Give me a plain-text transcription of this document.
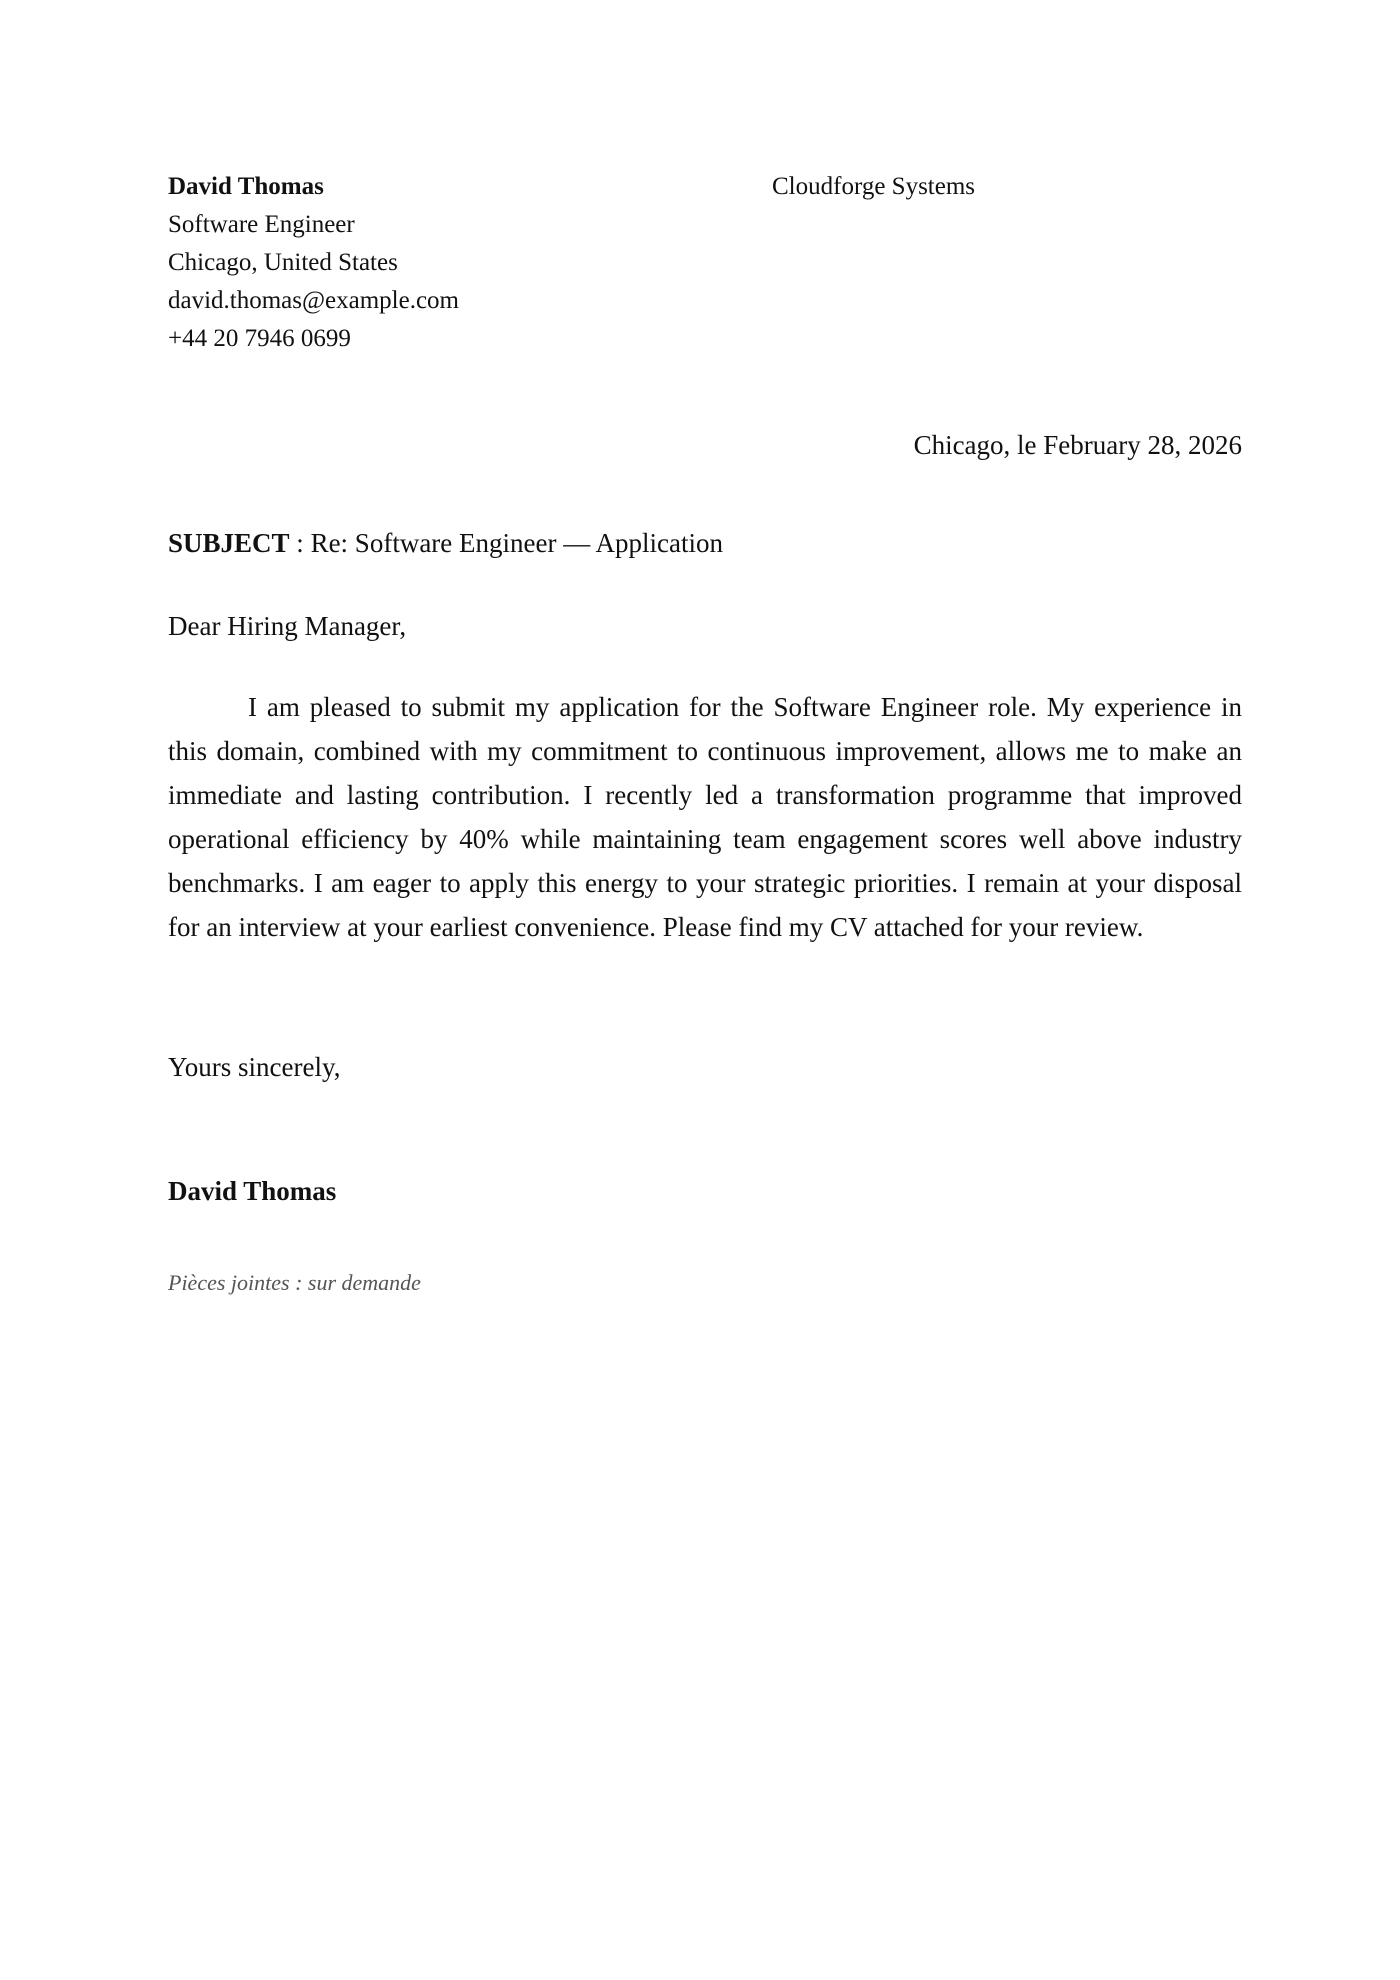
David Thomas
Software Engineer
Chicago, United States
david.thomas@example.com
+44 20 7946 0699
Cloudforge Systems
Chicago, le February 28, 2026
SUBJECT : Re: Software Engineer — Application
Dear Hiring Manager,

I am pleased to submit my application for the Software Engineer role. My experience in this domain, combined with my commitment to continuous improvement, allows me to make an immediate and lasting contribution. I recently led a transformation programme that improved operational efficiency by 40% while maintaining team engagement scores well above industry benchmarks. I am eager to apply this energy to your strategic priorities. I remain at your disposal for an interview at your earliest convenience. Please find my CV attached for your review.

Yours sincerely,
David Thomas
Pièces jointes : sur demande
